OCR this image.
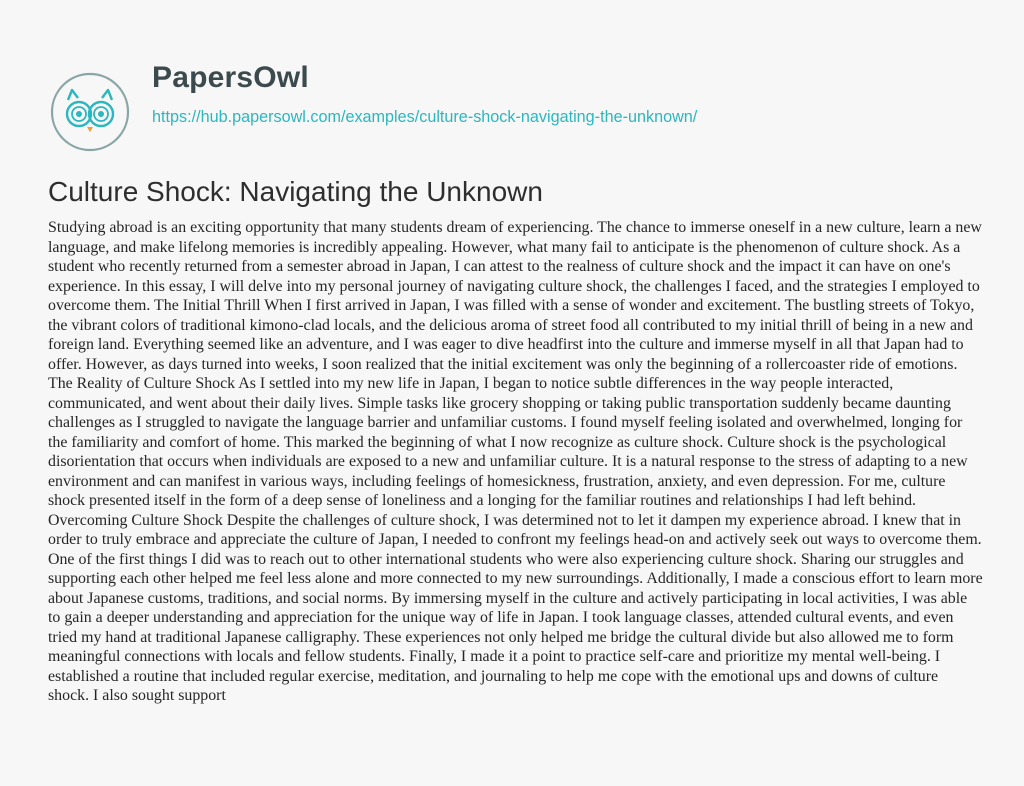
PapersOwl
https://hub.papersowl.com/examples/culture-shock-navigating-the-unknown/
Culture Shock: Navigating the Unknown

Studying abroad is an exciting opportunity that many students dream of experiencing. The chance to immerse oneself in a new culture, learn a new language, and make lifelong memories is incredibly appealing. However, what many fail to anticipate is the phenomenon of culture shock. As a student who recently returned from a semester abroad in Japan, I can attest to the realness of culture shock and the impact it can have on one's experience. In this essay, I will delve into my personal journey of navigating culture shock, the challenges I faced, and the strategies I employed to overcome them. The Initial Thrill When I first arrived in Japan, I was filled with a sense of wonder and excitement. The bustling streets of Tokyo, the vibrant colors of traditional kimono-clad locals, and the delicious aroma of street food all contributed to my initial thrill of being in a new and foreign land. Everything seemed like an adventure, and I was eager to dive headfirst into the culture and immerse myself in all that Japan had to offer. However, as days turned into weeks, I soon realized that the initial excitement was only the beginning of a rollercoaster ride of emotions. The Reality of Culture Shock As I settled into my new life in Japan, I began to notice subtle differences in the way people interacted, communicated, and went about their daily lives. Simple tasks like grocery shopping or taking public transportation suddenly became daunting challenges as I struggled to navigate the language barrier and unfamiliar customs. I found myself feeling isolated and overwhelmed, longing for the familiarity and comfort of home. This marked the beginning of what I now recognize as culture shock. Culture shock is the psychological disorientation that occurs when individuals are exposed to a new and unfamiliar culture. It is a natural response to the stress of adapting to a new environment and can manifest in various ways, including feelings of homesickness, frustration, anxiety, and even depression. For me, culture shock presented itself in the form of a deep sense of loneliness and a longing for the familiar routines and relationships I had left behind. Overcoming Culture Shock Despite the challenges of culture shock, I was determined not to let it dampen my experience abroad. I knew that in order to truly embrace and appreciate the culture of Japan, I needed to confront my feelings head-on and actively seek out ways to overcome them. One of the first things I did was to reach out to other international students who were also experiencing culture shock. Sharing our struggles and supporting each other helped me feel less alone and more connected to my new surroundings. Additionally, I made a conscious effort to learn more about Japanese customs, traditions, and social norms. By immersing myself in the culture and actively participating in local activities, I was able to gain a deeper understanding and appreciation for the unique way of life in Japan. I took language classes, attended cultural events, and even tried my hand at traditional Japanese calligraphy. These experiences not only helped me bridge the cultural divide but also allowed me to form meaningful connections with locals and fellow students. Finally, I made it a point to practice self-care and prioritize my mental well-being. I established a routine that included regular exercise, meditation, and journaling to help me cope with the emotional ups and downs of culture shock. I also sought support
